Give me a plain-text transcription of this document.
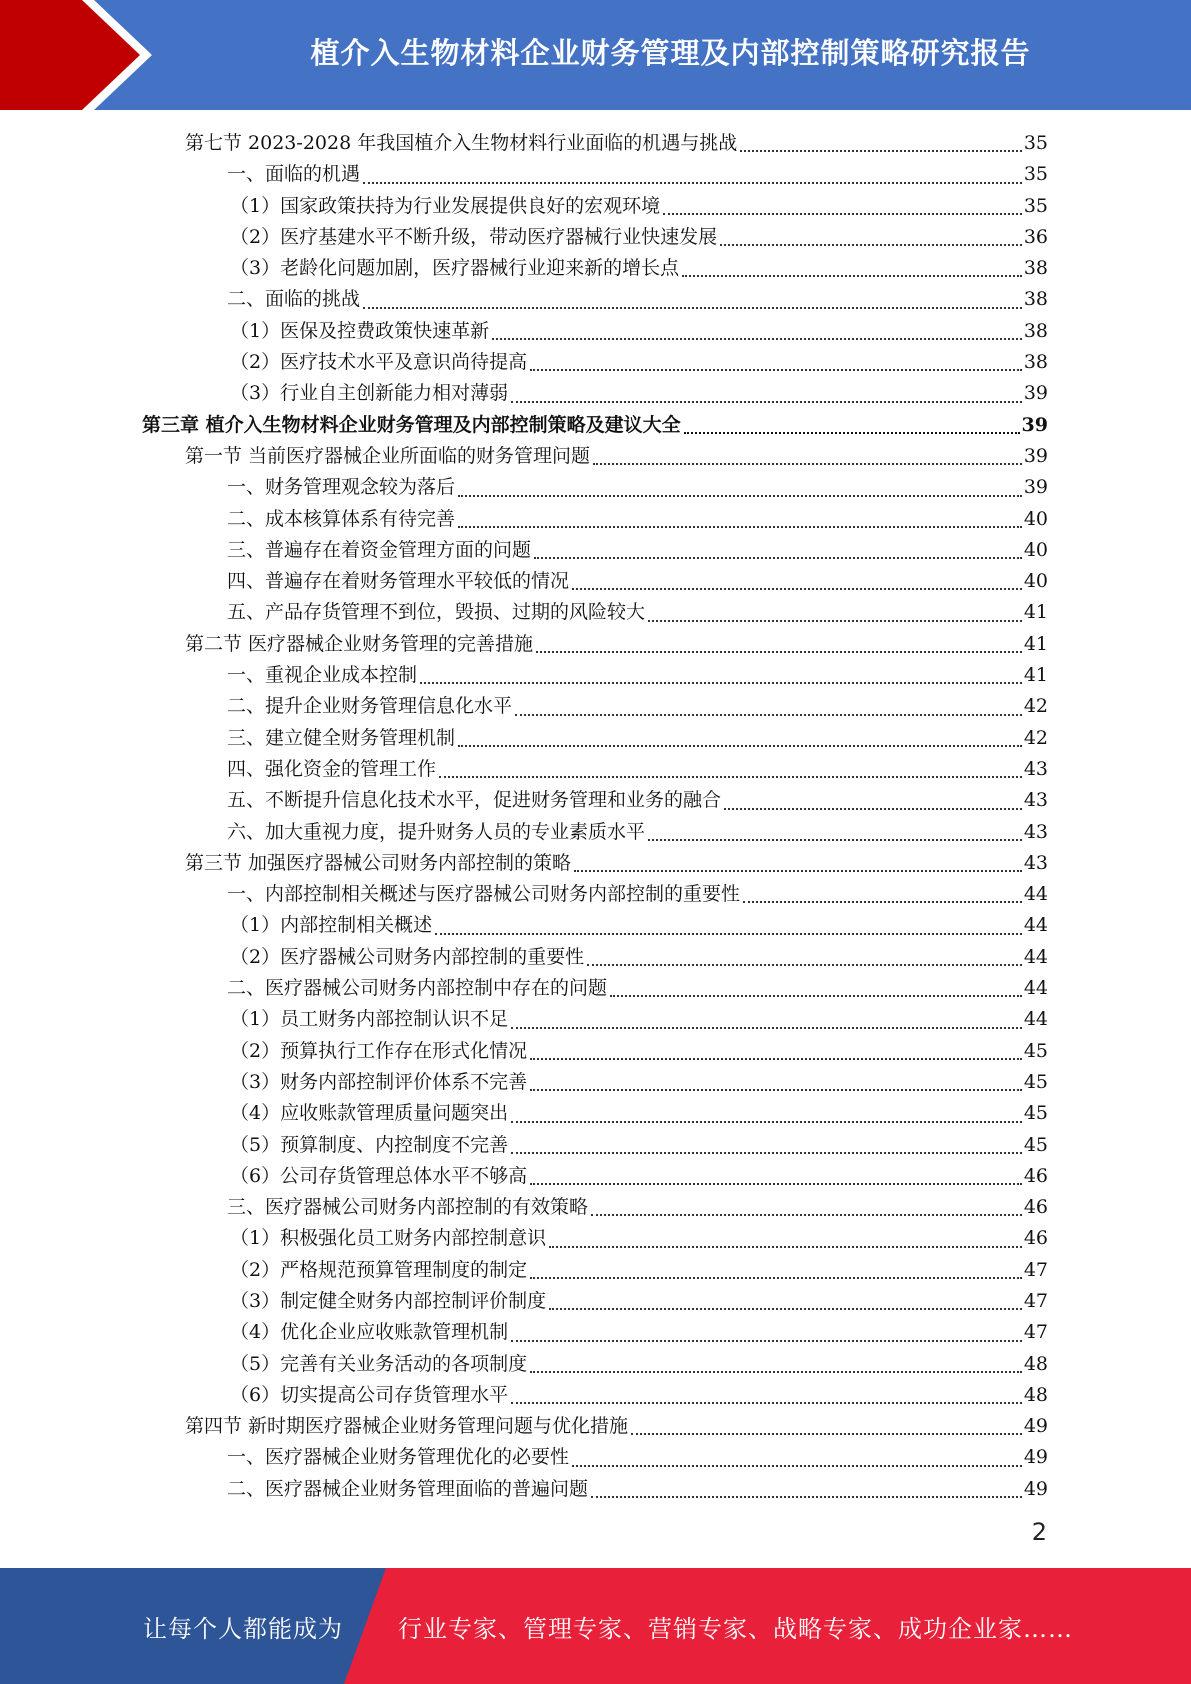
植介入生物材料企业财务管理及内部控制策略研究报告
第七节 2023-2028 年我国植介入生物材料行业面临的机遇与挑战	35
一、面临的机遇	35
（1）国家政策扶持为行业发展提供良好的宏观环境	35
（2）医疗基建水平不断升级，带动医疗器械行业快速发展	36
（3）老龄化问题加剧，医疗器械行业迎来新的增长点	38
二、面临的挑战	38
（1）医保及控费政策快速革新	38
（2）医疗技术水平及意识尚待提高	38
（3）行业自主创新能力相对薄弱	39
第三章 植介入生物材料企业财务管理及内部控制策略及建议大全	39
第一节 当前医疗器械企业所面临的财务管理问题	39
一、财务管理观念较为落后	39
二、成本核算体系有待完善	40
三、普遍存在着资金管理方面的问题	40
四、普遍存在着财务管理水平较低的情况	40
五、产品存货管理不到位，毁损、过期的风险较大	41
第二节 医疗器械企业财务管理的完善措施	41
一、重视企业成本控制	41
二、提升企业财务管理信息化水平	42
三、建立健全财务管理机制	42
四、强化资金的管理工作	43
五、不断提升信息化技术水平，促进财务管理和业务的融合	43
六、加大重视力度，提升财务人员的专业素质水平	43
第三节 加强医疗器械公司财务内部控制的策略	43
一、内部控制相关概述与医疗器械公司财务内部控制的重要性	44
（1）内部控制相关概述	44
（2）医疗器械公司财务内部控制的重要性	44
二、医疗器械公司财务内部控制中存在的问题	44
（1）员工财务内部控制认识不足	44
（2）预算执行工作存在形式化情况	45
（3）财务内部控制评价体系不完善	45
（4）应收账款管理质量问题突出	45
（5）预算制度、内控制度不完善	45
（6）公司存货管理总体水平不够高	46
三、医疗器械公司财务内部控制的有效策略	46
（1）积极强化员工财务内部控制意识	46
（2）严格规范预算管理制度的制定	47
（3）制定健全财务内部控制评价制度	47
（4）优化企业应收账款管理机制	47
（5）完善有关业务活动的各项制度	48
（6）切实提高公司存货管理水平	48
第四节 新时期医疗器械企业财务管理问题与优化措施	49
一、医疗器械企业财务管理优化的必要性	49
二、医疗器械企业财务管理面临的普遍问题	49
2
让每个人都能成为 行业专家、管理专家、营销专家、战略专家、成功企业家……
